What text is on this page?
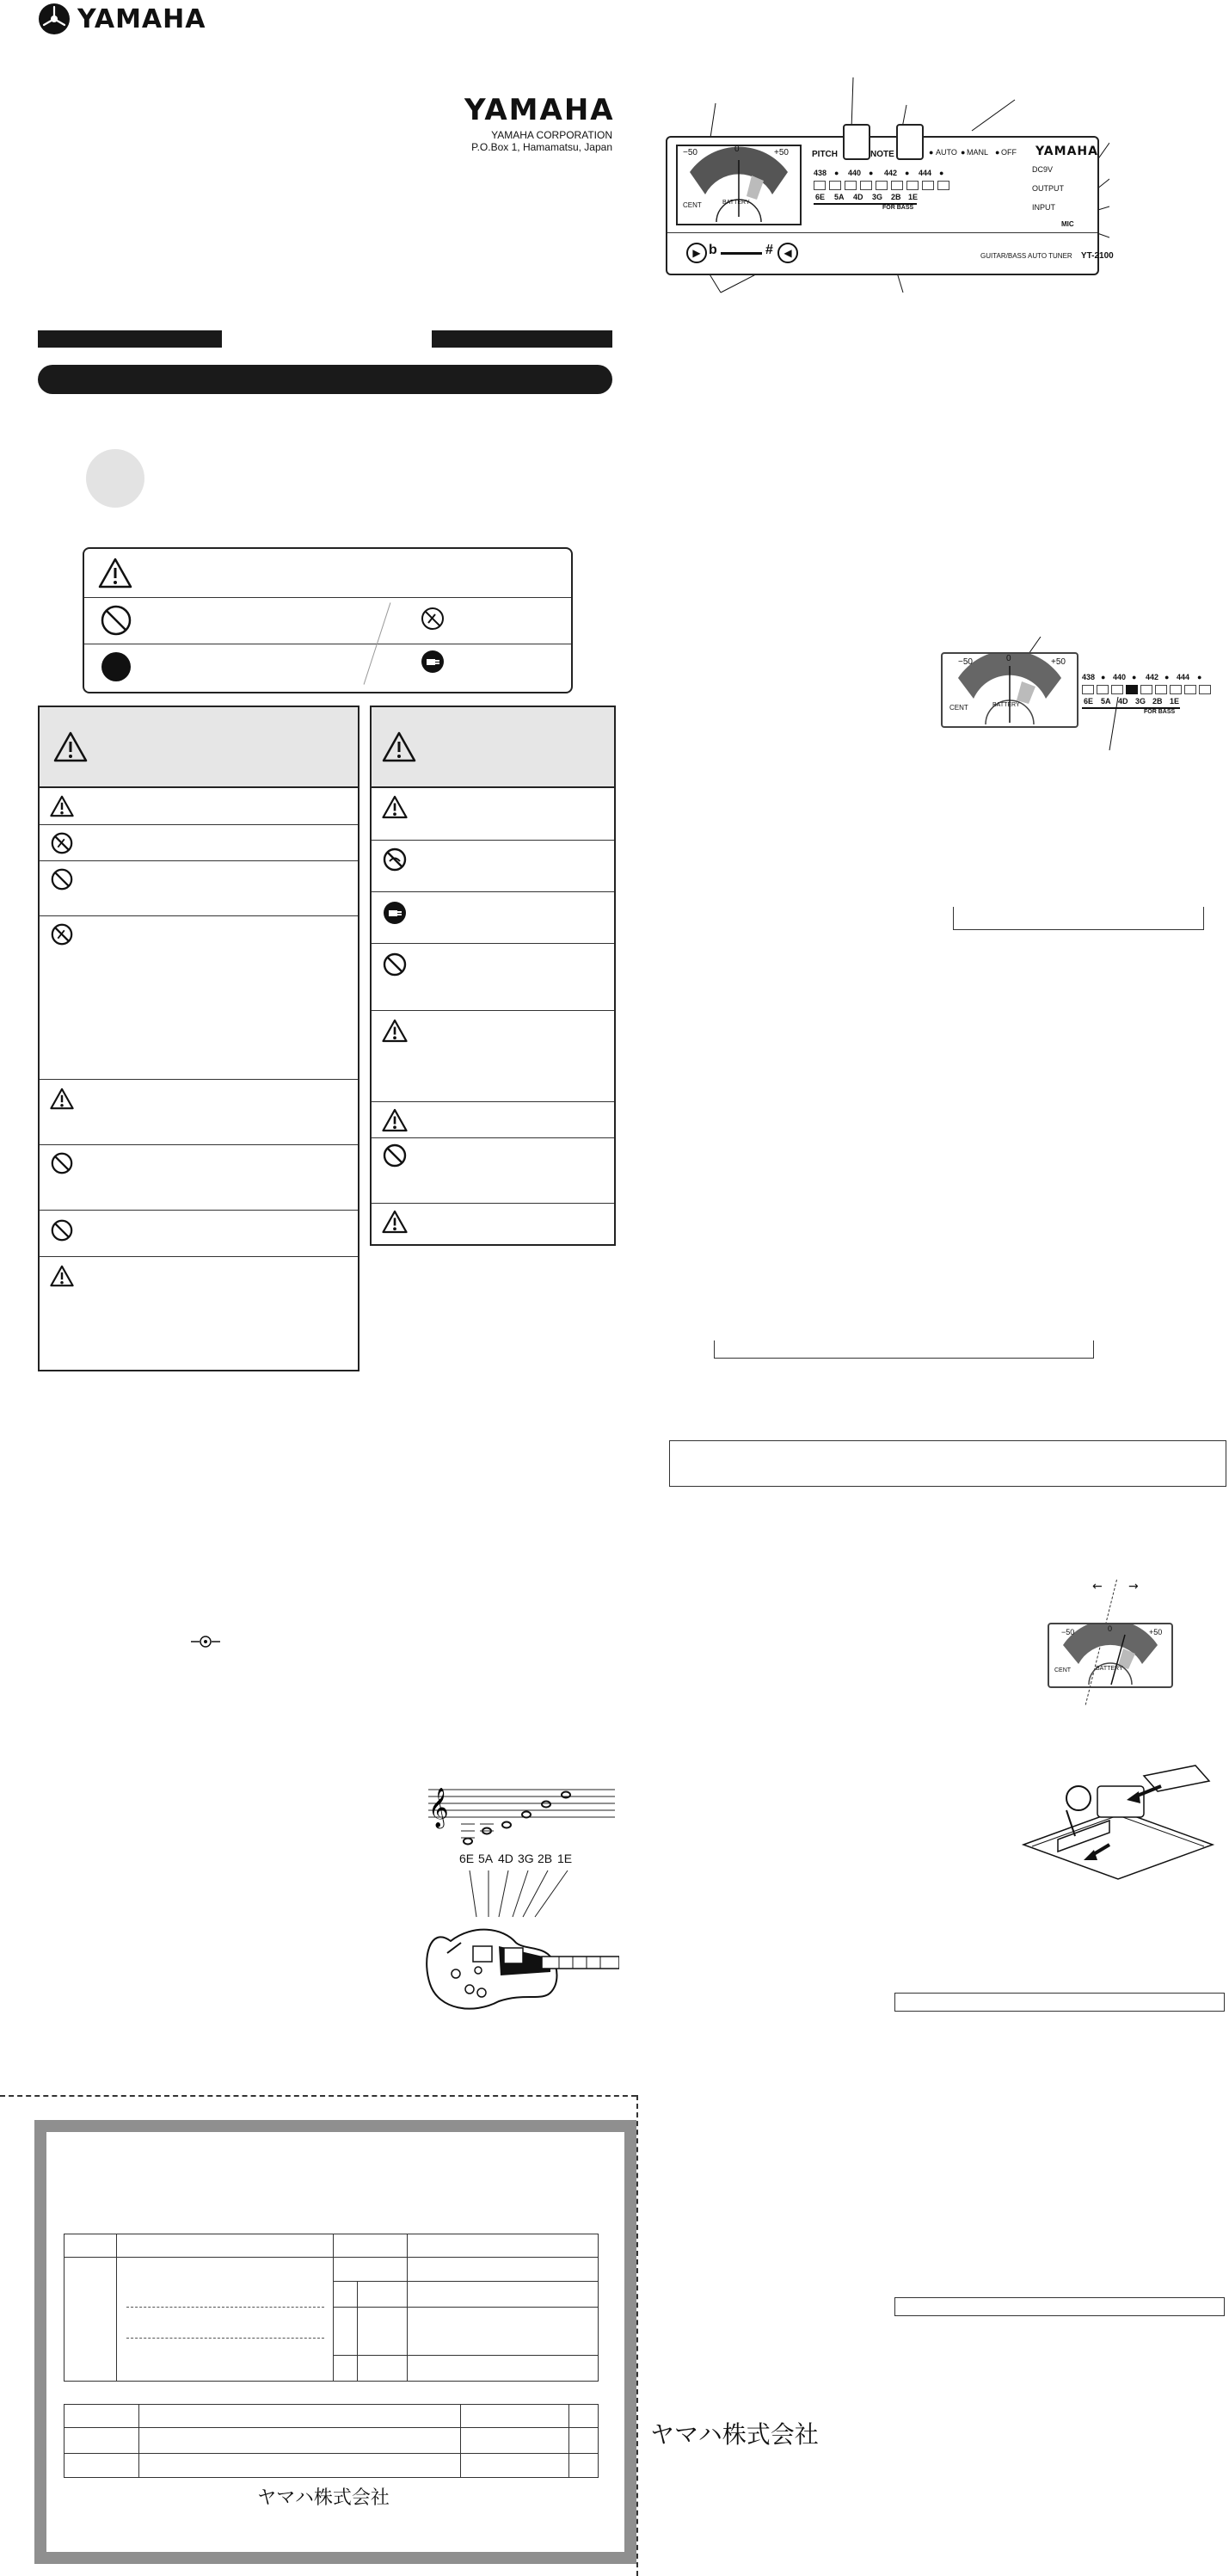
YAMAHA
YAMAHA
YAMAHA CORPORATION
P.O.Box 1, Hamamatsu, Japan
𝄞
6E 5A 4D 3G 2B 1E
ヤマハ株式会社
−50	0	+50
CENT	BATTERY
PITCH	NOTE	AUTO MANL OFF
●	●	●
438 ● 440 ● 442 ● 444 ●
6E 5A 4D 3G 2B 1E
FOR BASS
YAMAHA
DC9V
OUTPUT
INPUT
MIC
▶ b	#	◀	GUITAR/BASS AUTO TUNER YT-2100
−50	0	+50
CENT	BATTERY
438 ● 440 ● 442 ● 444 ●
6E 5A 4D 3G 2B 1E
FOR BASS
← →
−50	0	+50
CENT	BATTERY
ヤマハ株式会社
